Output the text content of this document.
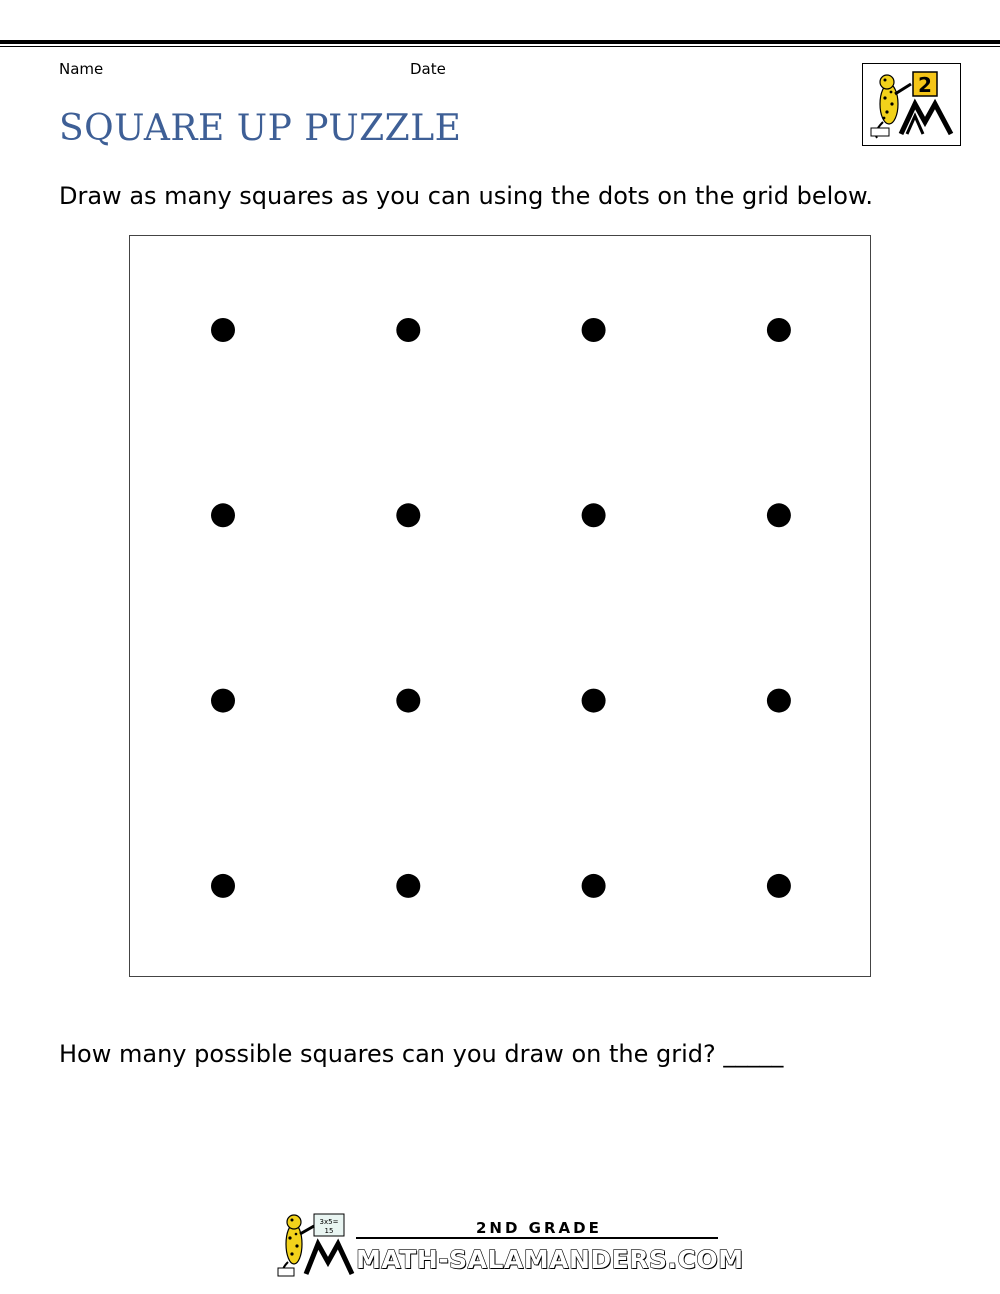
Name	Date
SQUARE UP PUZZLE
2

Draw as many squares as you can using the dots on the grid below.

How many possible squares can you draw on the grid? _____

3x5=
15	2ND GRADE
MATH-SALAMANDERS.COM
